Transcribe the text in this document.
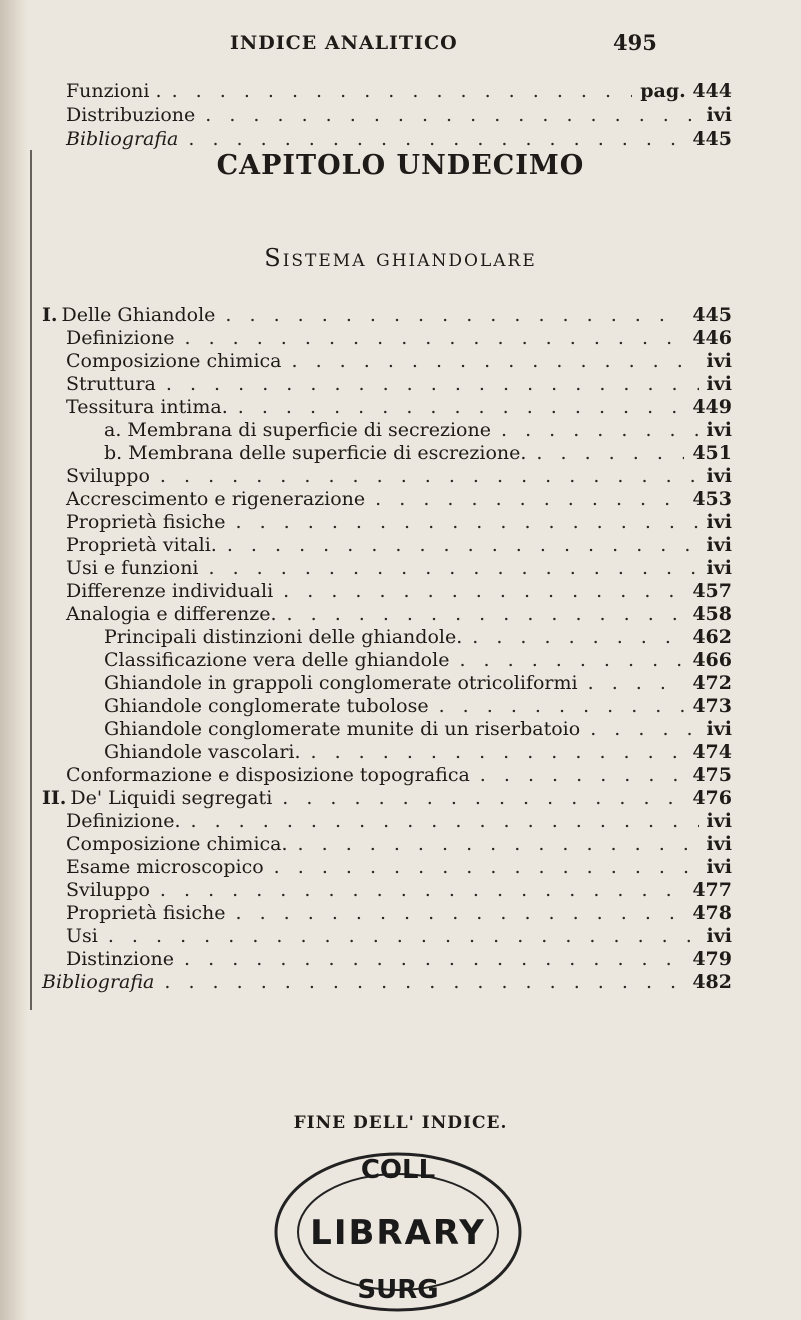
INDICE ANALITICO	495
Funzioni . . . .	pag. 444
Distribuzione . . .	ivi
Bibliografia . . .	445
CAPITOLO UNDECIMO
Sistema ghiandolare
I. Delle Ghiandole . . .	445
Definizione . . .	446
Composizione chimica . . .	ivi
Struttura . . .	ivi
Tessitura intima. . . .	449
a. Membrana di superficie di secrezione . . .	ivi
b. Membrana delle superficie di escrezione. . . .	451
Sviluppo . . .	ivi
Accrescimento e rigenerazione . . .	453
Proprietà fisiche . . .	ivi
Proprietà vitali. . . .	ivi
Usi e funzioni . . .	ivi
Differenze individuali . . .	457
Analogia e differenze. . . .	458
Principali distinzioni delle ghiandole. . . .	462
Classificazione vera delle ghiandole . . .	466
Ghiandole in grappoli conglomerate otricoliformi . . .	472
Ghiandole conglomerate tubolose . . .	473
Ghiandole conglomerate munite di un riserbatoio . . .	ivi
Ghiandole vascolari. . . .	474
Conformazione e disposizione topografica . . .	475
II. De' Liquidi segregati . . .	476
Definizione. . . .	ivi
Composizione chimica. . . .	ivi
Esame microscopico . . .	ivi
Sviluppo . . .	477
Proprietà fisiche . . .	478
Usi . . .	ivi
Distinzione . . .	479
Bibliografia . . .	482
FINE DELL' INDICE.
LIBRARY
COLL
SURG
